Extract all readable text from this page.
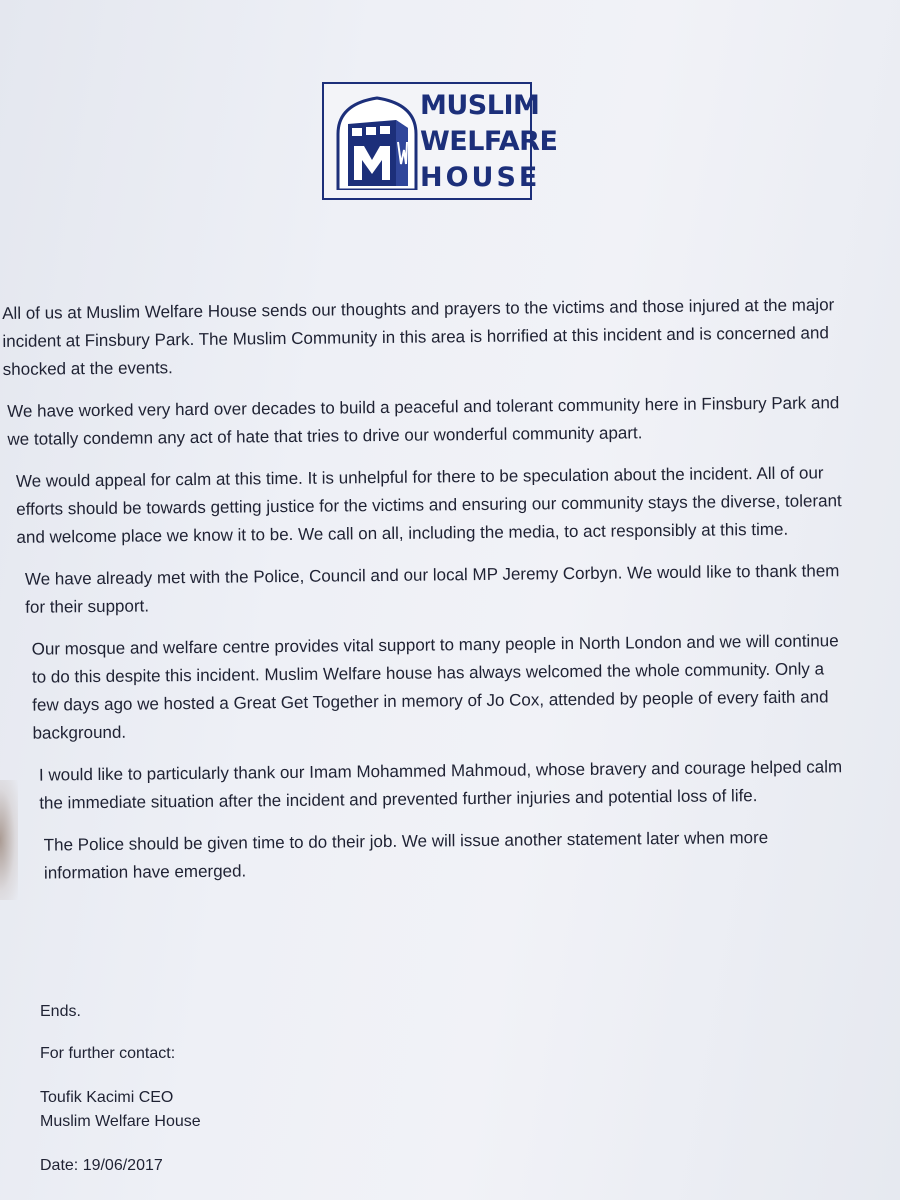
MUSLIM
WELFARE
HOUSE

All of us at Muslim Welfare House sends our thoughts and prayers to the victims and those injured at the major incident at Finsbury Park. The Muslim Community in this area is horrified at this incident and is concerned and shocked at the events.

We have worked very hard over decades to build a peaceful and tolerant community here in Finsbury Park and we totally condemn any act of hate that tries to drive our wonderful community apart.

We would appeal for calm at this time. It is unhelpful for there to be speculation about the incident. All of our efforts should be towards getting justice for the victims and ensuring our community stays the diverse, tolerant and welcome place we know it to be. We call on all, including the media, to act responsibly at this time.

We have already met with the Police, Council and our local MP Jeremy Corbyn. We would like to thank them for their support.

Our mosque and welfare centre provides vital support to many people in North London and we will continue to do this despite this incident. Muslim Welfare house has always welcomed the whole community. Only a few days ago we hosted a Great Get Together in memory of Jo Cox, attended by people of every faith and background.

I would like to particularly thank our Imam Mohammed Mahmoud, whose bravery and courage helped calm the immediate situation after the incident and prevented further injuries and potential loss of life.

The Police should be given time to do their job. We will issue another statement later when more information have emerged.

Ends.
For further contact:
Toufik Kacimi CEO
Muslim Welfare House
Date: 19/06/2017
